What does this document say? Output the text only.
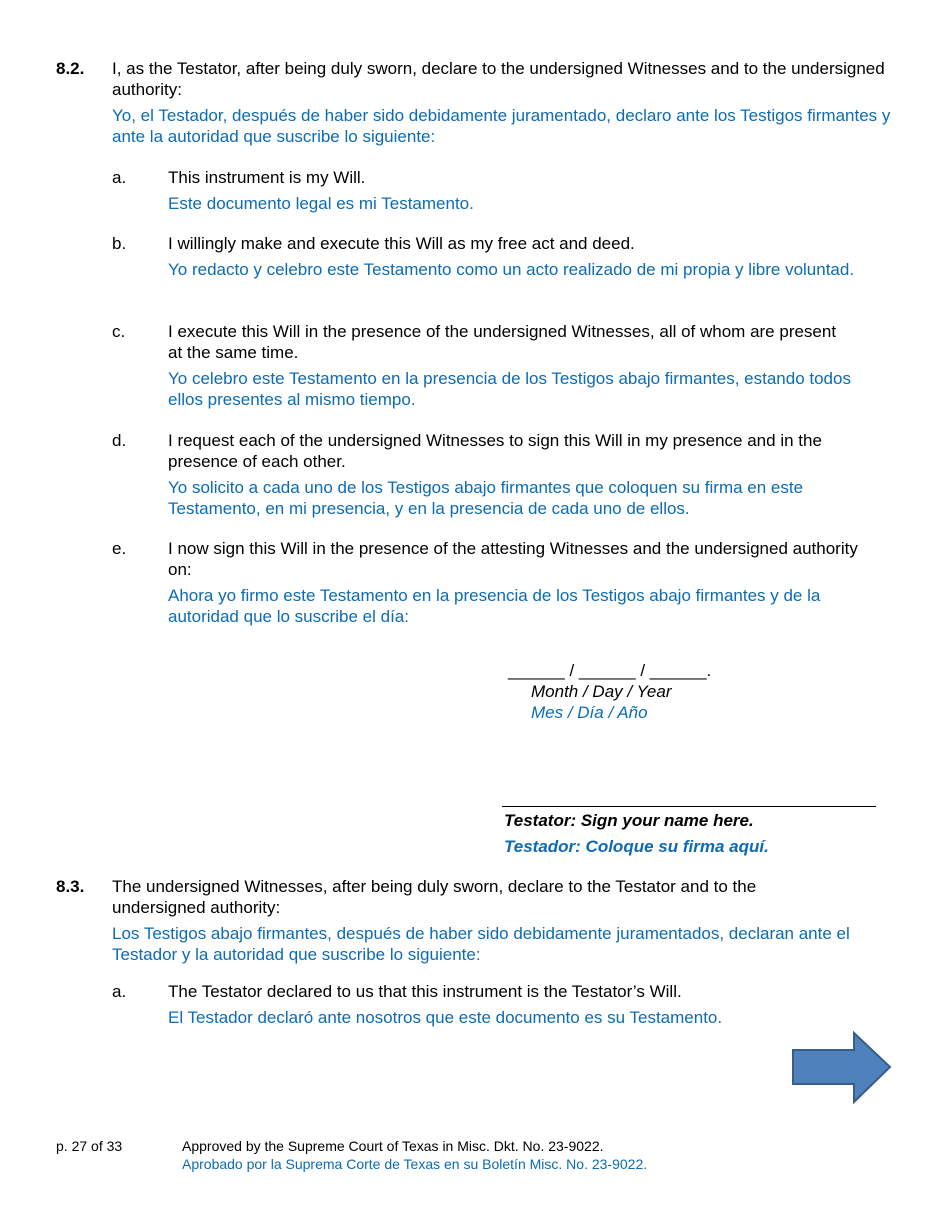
8.2. I, as the Testator, after being duly sworn, declare to the undersigned Witnesses and to the undersigned authority:
Yo, el Testador, después de haber sido debidamente juramentado, declaro ante los Testigos firmantes y ante la autoridad que suscribe lo siguiente:
a. This instrument is my Will.
Este documento legal es mi Testamento.
b. I willingly make and execute this Will as my free act and deed.
Yo redacto y celebro este Testamento como un acto realizado de mi propia y libre voluntad.
c.	I execute this Will in the presence of the undersigned Witnesses, all of whom are present at the same time.
Yo celebro este Testamento en la presencia de los Testigos abajo firmantes, estando todos ellos presentes al mismo tiempo.
d. I request each of the undersigned Witnesses to sign this Will in my presence and in the presence of each other.
Yo solicito a cada uno de los Testigos abajo firmantes que coloquen su firma en este Testamento, en mi presencia, y en la presencia de cada uno de ellos.
e. I now sign this Will in the presence of the attesting Witnesses and the undersigned authority on:
Ahora yo firmo este Testamento en la presencia de los Testigos abajo firmantes y de la autoridad que lo suscribe el día:
______ / ______ / ______.
Month / Day / Year
Mes / Día / Año
Testator: Sign your name here.
Testador: Coloque su firma aquí.
8.3. The undersigned Witnesses, after being duly sworn, declare to the Testator and to the undersigned authority:
Los Testigos abajo firmantes, después de haber sido debidamente juramentados, declaran ante el Testador y la autoridad que suscribe lo siguiente:
a. The Testator declared to us that this instrument is the Testator’s Will.
El Testador declaró ante nosotros que este documento es su Testamento.
p. 27 of 33	Approved by the Supreme Court of Texas in Misc. Dkt. No. 23-9022.
Aprobado por la Suprema Corte de Texas en su Boletín Misc. No. 23-9022.
